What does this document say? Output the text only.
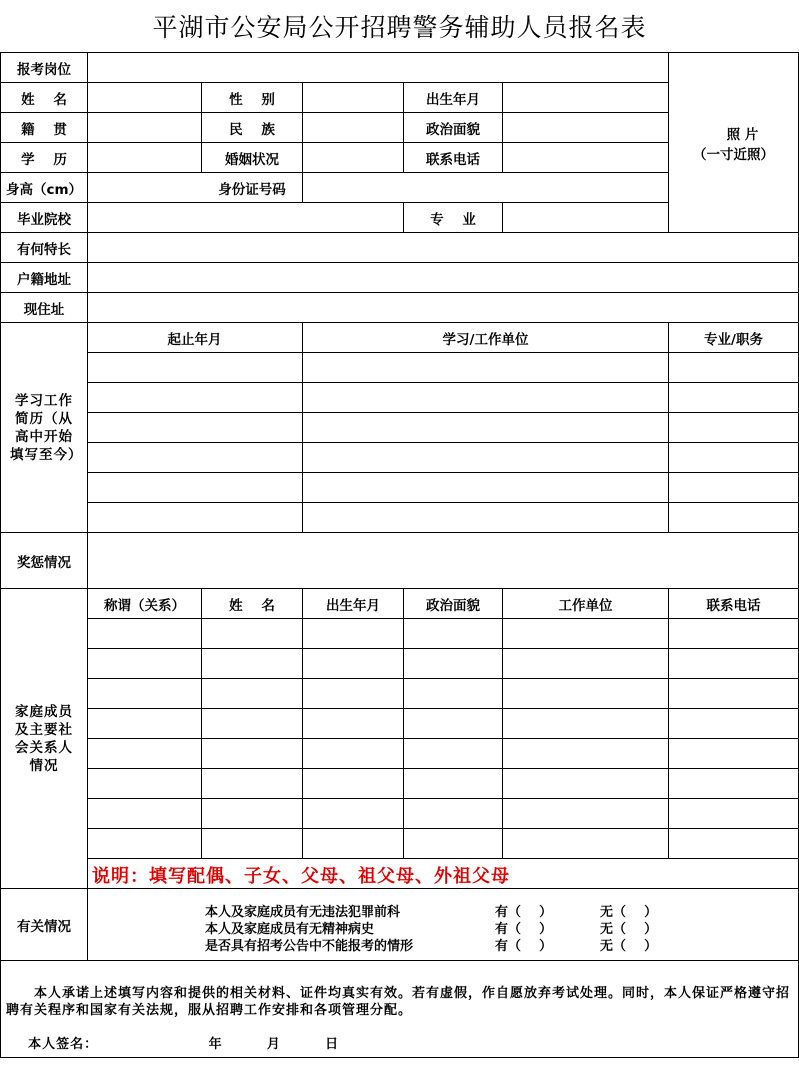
平湖市公安局公开招聘警务辅助人员报名表
报考岗位
照 片
（一寸近照）
姓    名	性    别	出生年月
籍    贯	民    族	政治面貌
学    历	婚姻状况	联系电话
身高（cm）	身份证号码
毕业院校	专    业
有何特长
户籍地址
现住址
学习工作简历（从高中开始填写至今）
起止年月	学习/工作单位	专业/职务
奖惩情况
家庭成员及主要社会关系人情况
称谓（关系）	姓    名	出生年月	政治面貌	工作单位	联系电话
说明：填写配偶、子女、父母、祖父母、外祖父母
有关情况
本人及家庭成员有无违法犯罪前科	有（    ）	无（    ）
本人及家庭成员有无精神病史	有（    ）	无（    ）
是否具有招考公告中不能报考的情形	有（    ）	无（    ）
本人承诺上述填写内容和提供的相关材料、证件均真实有效。若有虚假，作自愿放弃考试处理。同时，本人保证严格遵守招聘有关程序和国家有关法规，服从招聘工作安排和各项管理分配。

本人签名：	年        月        日
